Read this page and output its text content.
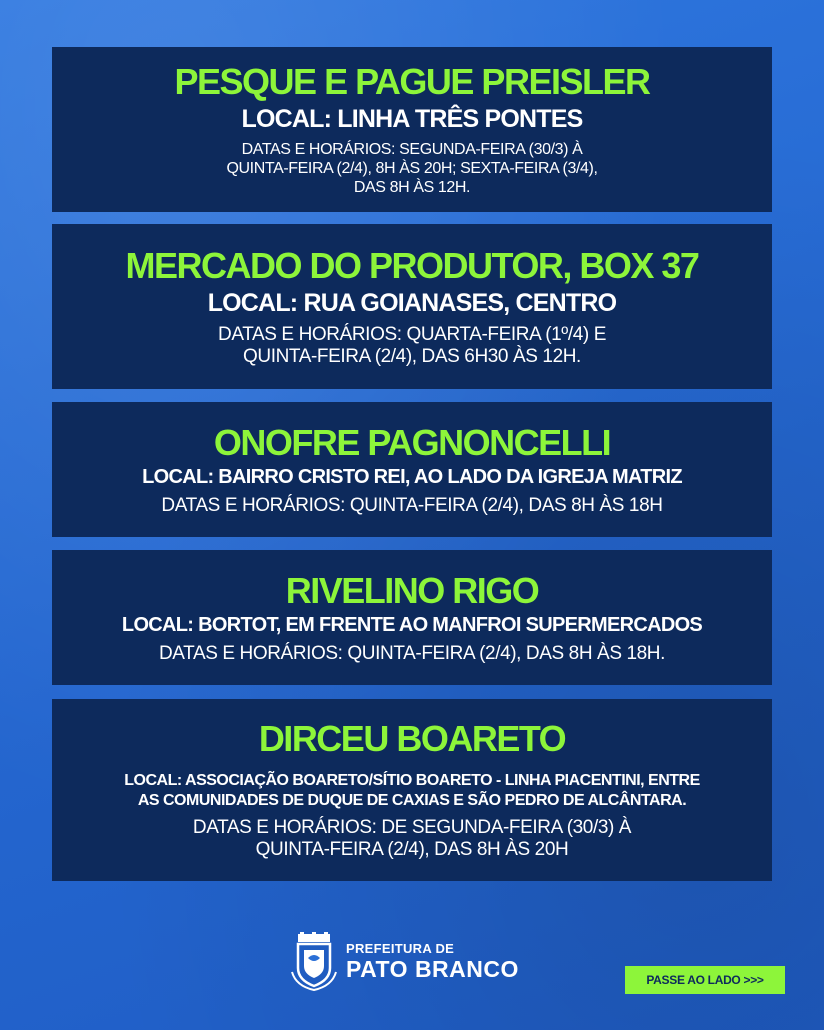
PESQUE E PAGUE PREISLER

LOCAL: LINHA TRÊS PONTES

DATAS E HORÁRIOS: SEGUNDA-FEIRA (30/3) À
QUINTA-FEIRA (2/4), 8H ÀS 20H; SEXTA-FEIRA (3/4),
DAS 8H ÀS 12H.

MERCADO DO PRODUTOR, BOX 37

LOCAL: RUA GOIANASES, CENTRO

DATAS E HORÁRIOS: QUARTA-FEIRA (1º/4) E
QUINTA-FEIRA (2/4), DAS 6H30 ÀS 12H.

ONOFRE PAGNONCELLI

LOCAL: BAIRRO CRISTO REI, AO LADO DA IGREJA MATRIZ

DATAS E HORÁRIOS: QUINTA-FEIRA (2/4), DAS 8H ÀS 18H

RIVELINO RIGO

LOCAL: BORTOT, EM FRENTE AO MANFROI SUPERMERCADOS

DATAS E HORÁRIOS: QUINTA-FEIRA (2/4), DAS 8H ÀS 18H.

DIRCEU BOARETO

LOCAL: ASSOCIAÇÃO BOARETO/SÍTIO BOARETO - LINHA PIACENTINI, ENTRE
AS COMUNIDADES DE DUQUE DE CAXIAS E SÃO PEDRO DE ALCÂNTARA.

DATAS E HORÁRIOS: DE SEGUNDA-FEIRA (30/3) À
QUINTA-FEIRA (2/4), DAS 8H ÀS 20H

PREFEITURA DE
PATO BRANCO	PASSE AO LADO >>>
